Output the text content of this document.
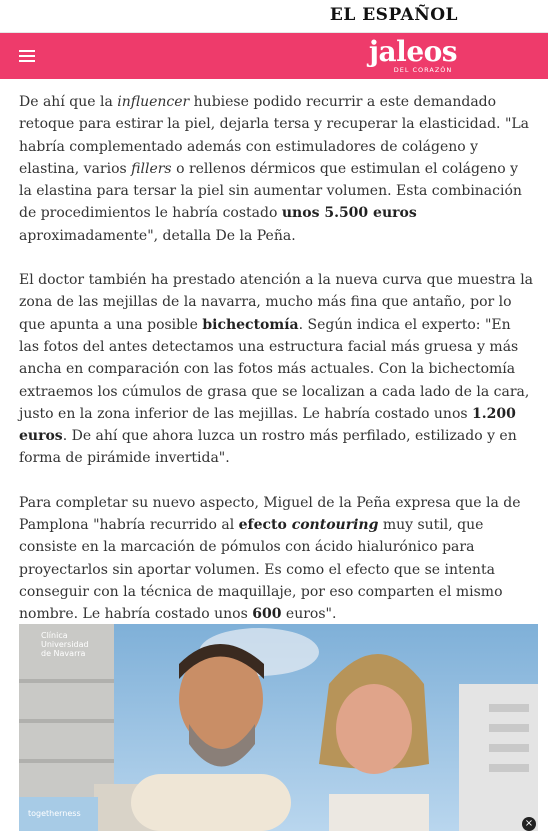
EL ESPAÑOL
jaleos
DEL CORAZÓN

De ahí que la influencer hubiese podido recurrir a este demandado retoque para estirar la piel, dejarla tersa y recuperar la elasticidad. "La habría complementado además con estimuladores de colágeno y elastina, varios fillers o rellenos dérmicos que estimulan el colágeno y la elastina para tersar la piel sin aumentar volumen. Esta combinación de procedimientos le habría costado unos 5.500 euros aproximadamente", detalla De la Peña.

El doctor también ha prestado atención a la nueva curva que muestra la zona de las mejillas de la navarra, mucho más fina que antaño, por lo que apunta a una posible bichectomía. Según indica el experto: "En las fotos del antes detectamos una estructura facial más gruesa y más ancha en comparación con las fotos más actuales. Con la bichectomía extraemos los cúmulos de grasa que se localizan a cada lado de la cara, justo en la zona inferior de las mejillas. Le habría costado unos 1.200 euros. De ahí que ahora luzca un rostro más perfilado, estilizado y en forma de pirámide invertida".

Para completar su nuevo aspecto, Miguel de la Peña expresa que la de Pamplona "habría recurrido al efecto contouring muy sutil, que consiste en la marcación de pómulos con ácido hialurónico para proyectarlos sin aportar volumen. Es como el efecto que se intenta conseguir con la técnica de maquillaje, por eso comparten el mismo nombre. Le habría costado unos 600 euros".

Clínica
Universidad
de Navarra
togetherness
×
